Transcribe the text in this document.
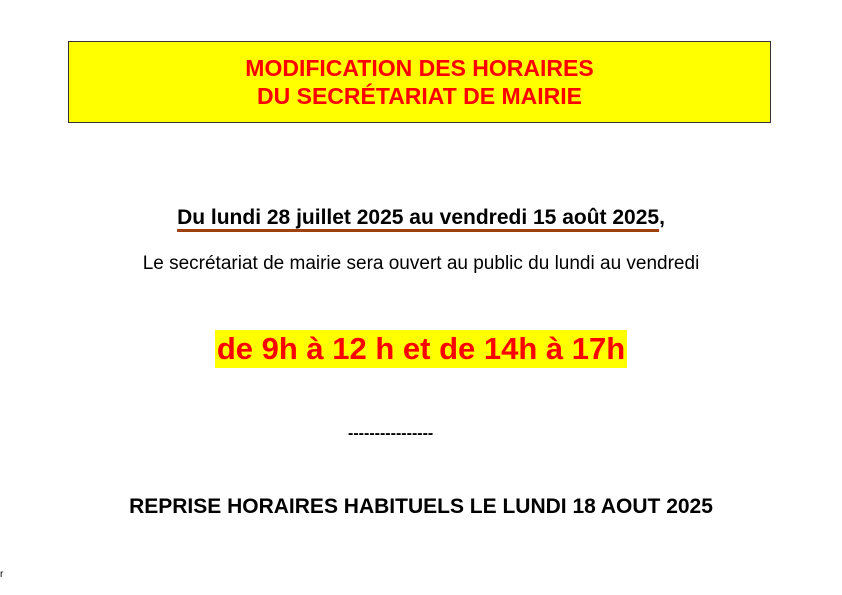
MODIFICATION DES HORAIRES
DU SECRÉTARIAT DE MAIRIE
Du lundi 28 juillet 2025 au vendredi 15 août 2025,
Le secrétariat de mairie sera ouvert au public du lundi au vendredi
de 9h à 12 h et de 14h à 17h
----------------
REPRISE HORAIRES HABITUELS LE LUNDI 18 AOUT 2025
r
